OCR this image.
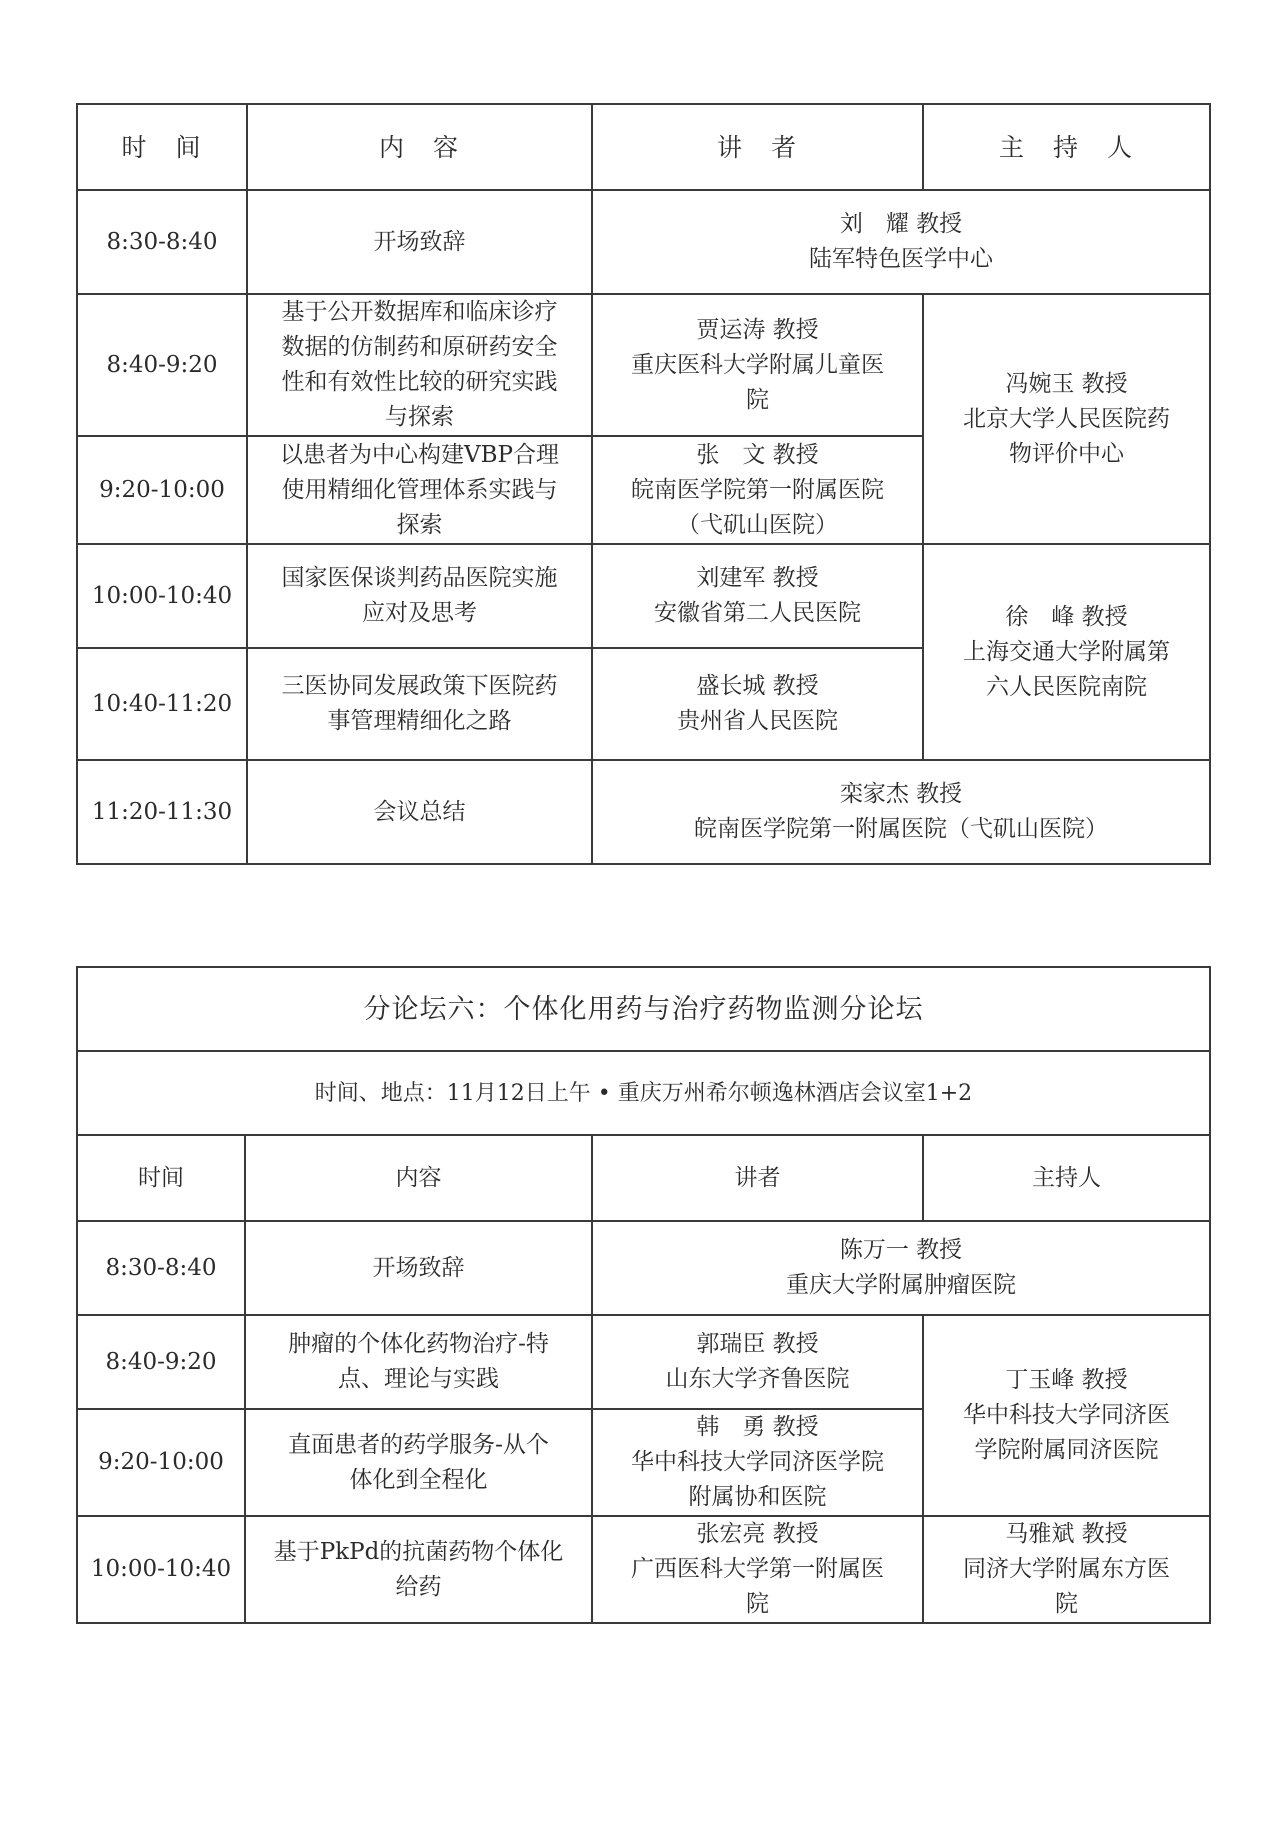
时　间	内　容	讲　者	主　持　人
8:30-8:40	开场致辞	刘　耀 教授
陆军特色医学中心	

8:40-9:20	基于公开数据库和临床诊疗
数据的仿制药和原研药安全
性和有效性比较的研究实践
与探索	贾运涛 教授
重庆医科大学附属儿童医
院	冯婉玉 教授
北京大学人民医院药
物评价中心

9:20-10:00	以患者为中心构建VBP合理
使用精细化管理体系实践与
探索	张　文 教授
皖南医学院第一附属医院
（弋矶山医院）	

10:00-10:40	国家医保谈判药品医院实施
应对及思考	刘建军 教授
安徽省第二人民医院	徐　峰 教授
上海交通大学附属第
六人民医院南院

10:40-11:20	三医协同发展政策下医院药
事管理精细化之路	盛长城 教授
贵州省人民医院	

11:20-11:30	会议总结	栾家杰 教授
皖南医学院第一附属医院（弋矶山医院）	
分论坛六：个体化用药与治疗药物监测分论坛			
时间、地点：11月12日上午 • 重庆万州希尔顿逸林酒店会议室1+2			
时间	内容	讲者	主持人
8:30-8:40	开场致辞	陈万一 教授
重庆大学附属肿瘤医院	

8:40-9:20	肿瘤的个体化药物治疗-特
点、理论与实践	郭瑞臣 教授
山东大学齐鲁医院	丁玉峰 教授
华中科技大学同济医
学院附属同济医院

9:20-10:00	直面患者的药学服务-从个
体化到全程化	韩　勇 教授
华中科技大学同济医学院
附属协和医院	

10:00-10:40	基于PkPd的抗菌药物个体化
给药	张宏亮 教授
广西医科大学第一附属医
院	马雅斌 教授
同济大学附属东方医
院
